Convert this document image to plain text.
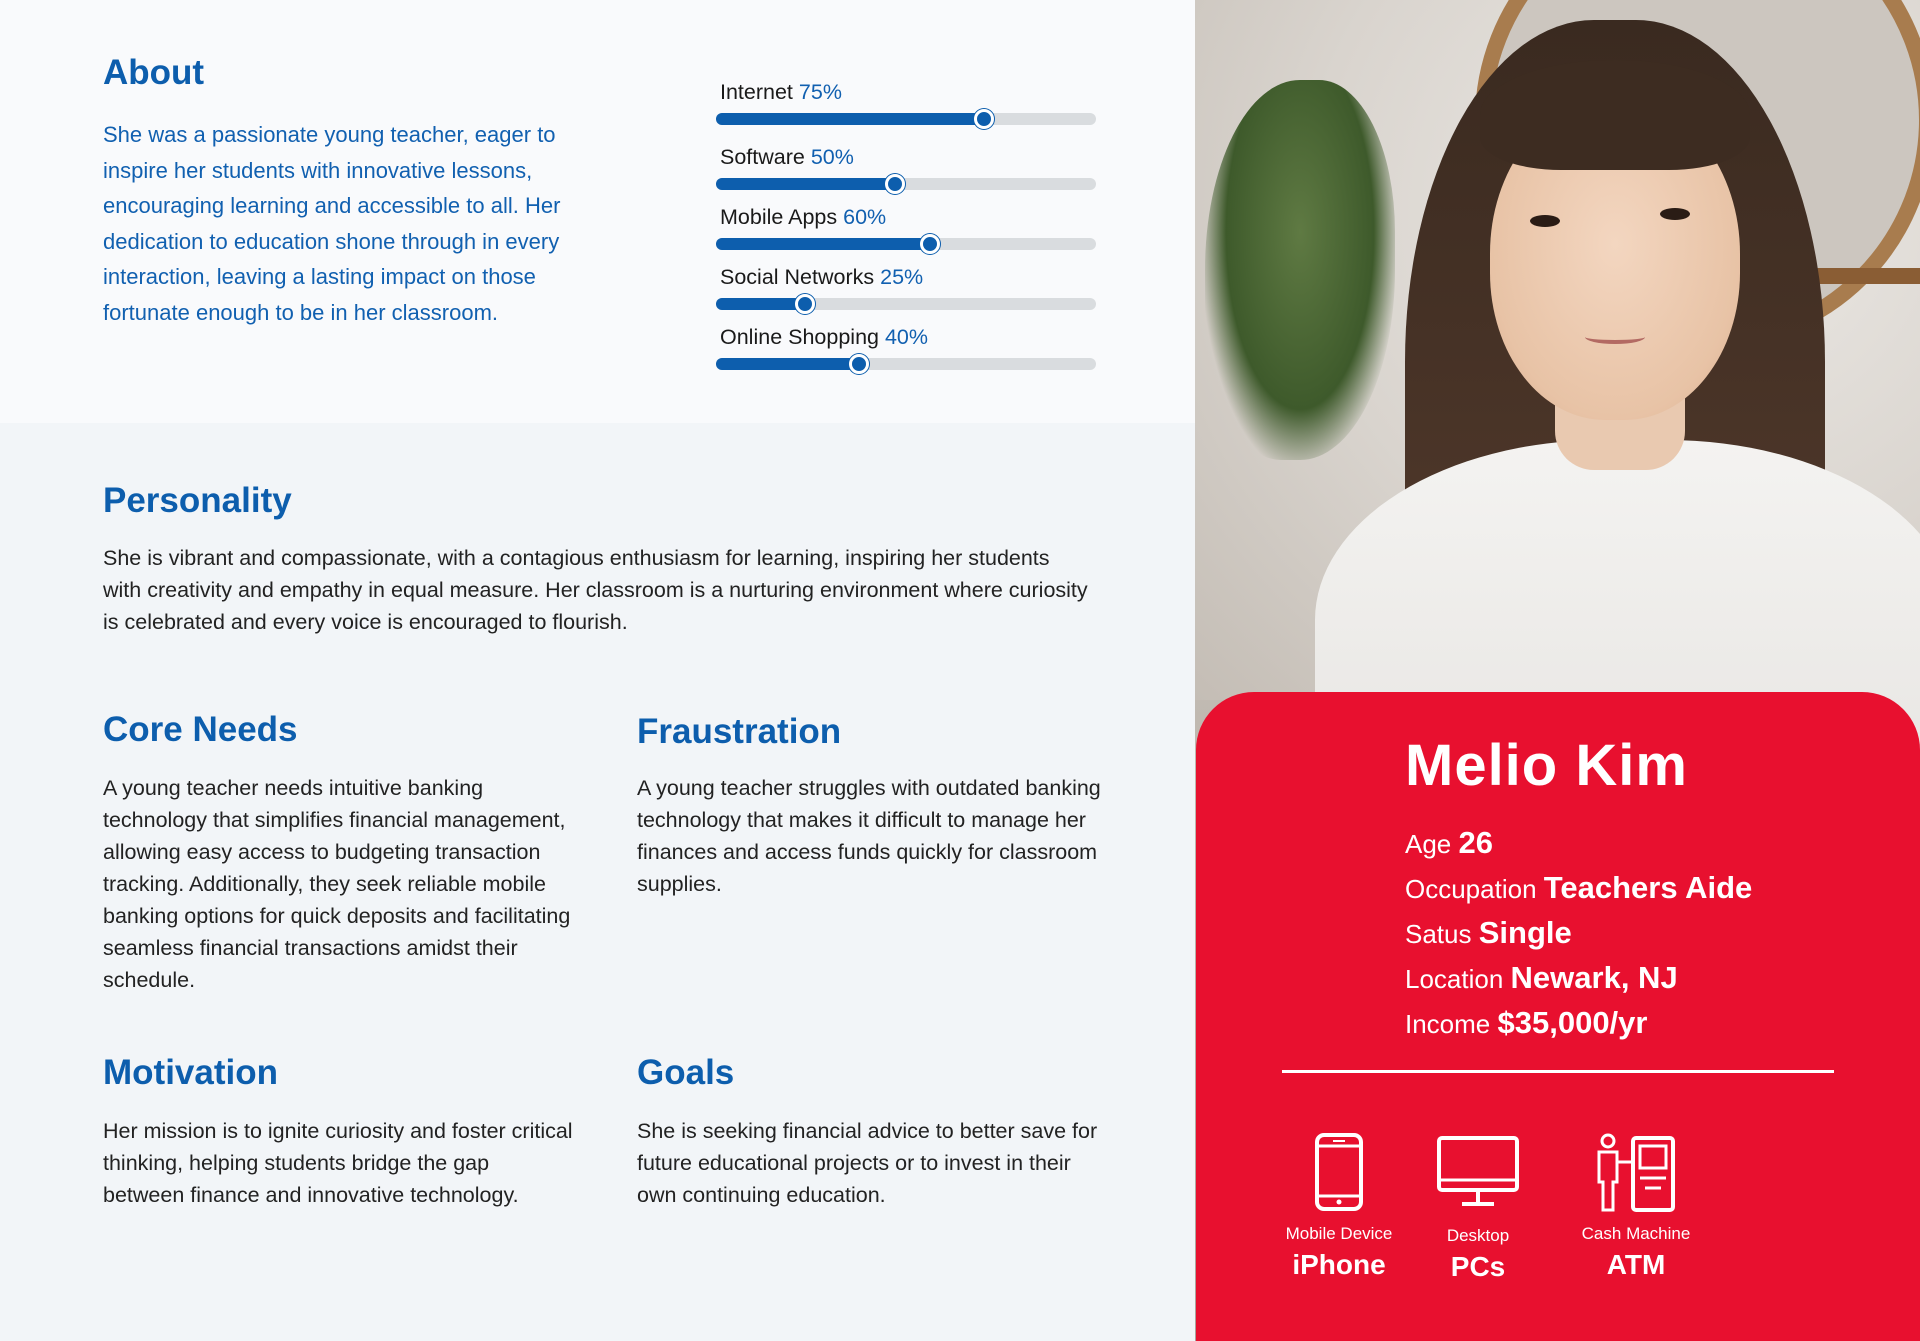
About
She was a passionate young teacher, eager to inspire her students with innovative lessons, encouraging learning and accessible to all. Her dedication to education shone through in every interaction, leaving a lasting impact on those fortunate enough to be in her classroom.
Internet 75%
Software 50%
Mobile Apps 60%
Social Networks 25%
Online Shopping 40%
Personality
She is vibrant and compassionate, with a contagious enthusiasm for learning, inspiring her students with creativity and empathy in equal measure. Her classroom is a nurturing environment where curiosity is celebrated and every voice is encouraged to flourish.
Core Needs
A young teacher needs intuitive banking technology that simplifies financial management, allowing easy access to budgeting transaction tracking. Additionally, they seek reliable mobile banking options for quick deposits and facilitating seamless financial transactions amidst their schedule.
Fraustration
A young teacher struggles with outdated banking technology that makes it difficult to manage her finances and access funds quickly for classroom supplies.
Motivation
Her mission is to ignite curiosity and foster critical thinking, helping students bridge the gap between finance and innovative technology.
Goals
She is seeking financial advice to better save for future educational projects or to invest in their own continuing education.
Melio Kim
Age 26
Occupation Teachers Aide
Satus Single
Location Newark, NJ
Income $35,000/yr
Mobile Device
iPhone
Desktop
PCs
Cash Machine
ATM
